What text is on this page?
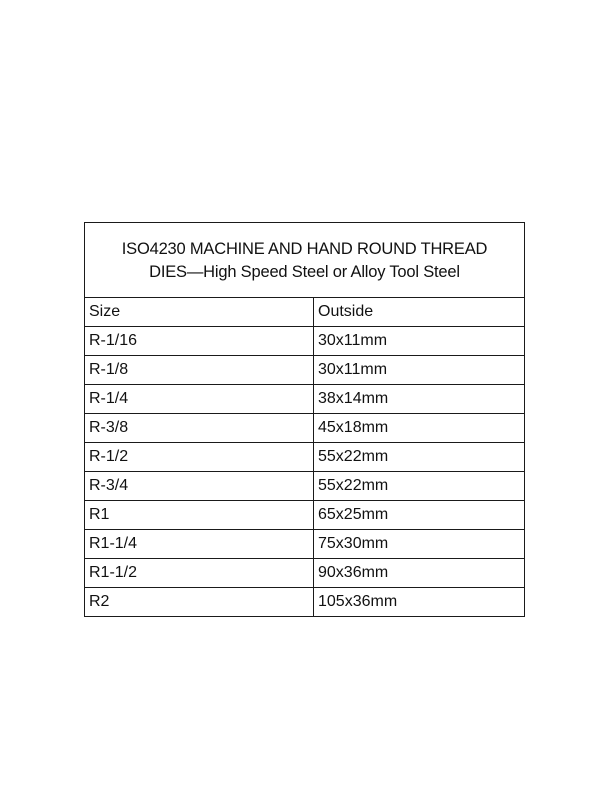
ISO4230 MACHINE AND HAND ROUND THREAD
DIES—High Speed Steel or Alloy Tool Steel	

Size	Outside

R-1/16	30x11mm

R-1/8	30x11mm

R-1/4	38x14mm

R-3/8	45x18mm

R-1/2	55x22mm

R-3/4	55x22mm

R1	65x25mm

R1-1/4	75x30mm

R1-1/2	90x36mm

R2	105x36mm
